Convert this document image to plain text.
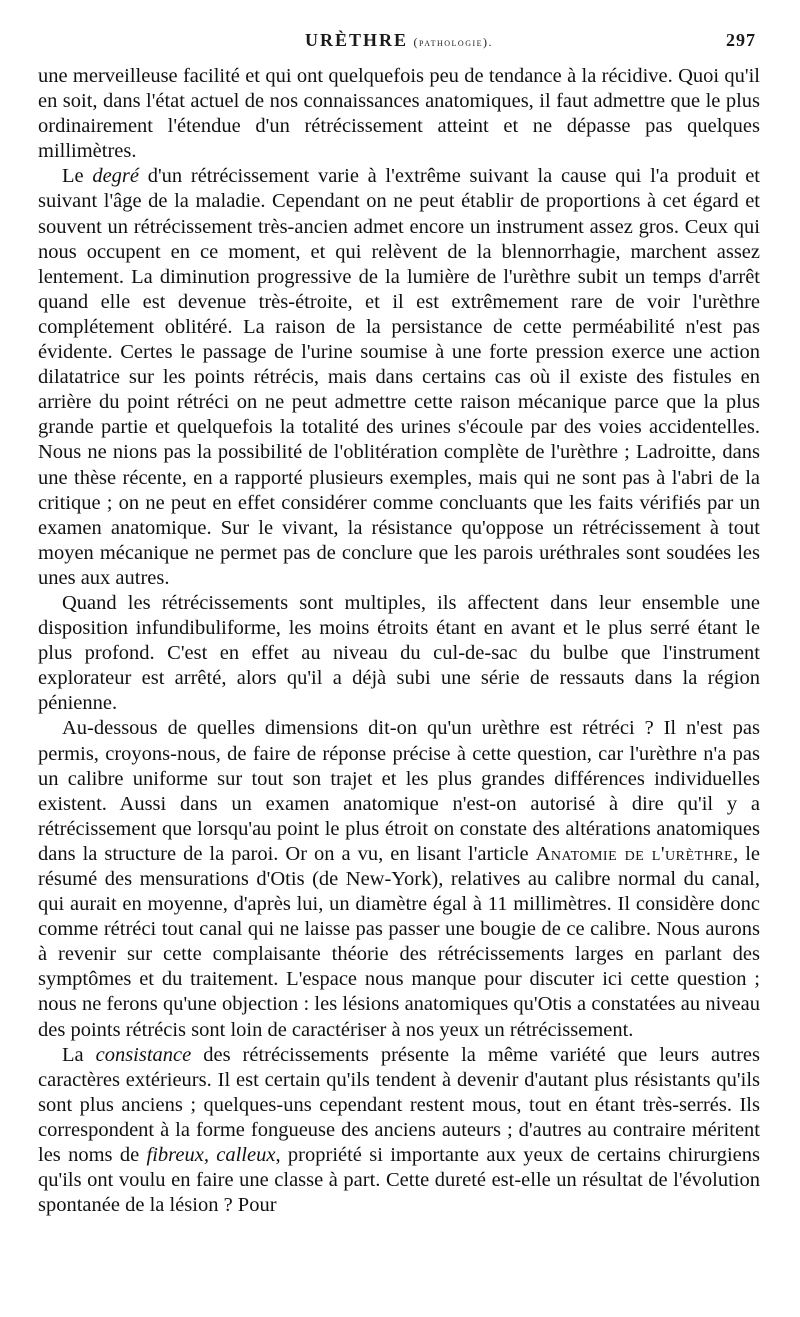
URÈTHRE (pathologie).	297

une merveilleuse facilité et qui ont quelquefois peu de tendance à la récidive. Quoi qu'il en soit, dans l'état actuel de nos connaissances anatomiques, il faut admettre que le plus ordinairement l'étendue d'un rétrécissement atteint et ne dépasse pas quelques millimètres.

Le degré d'un rétrécissement varie à l'extrême suivant la cause qui l'a produit et suivant l'âge de la maladie. Cependant on ne peut établir de proportions à cet égard et souvent un rétrécissement très-ancien admet encore un instrument assez gros. Ceux qui nous occupent en ce moment, et qui relèvent de la blennorrhagie, marchent assez lentement. La diminution progressive de la lumière de l'urèthre subit un temps d'arrêt quand elle est devenue très-étroite, et il est extrêmement rare de voir l'urèthre complétement oblitéré. La raison de la persistance de cette perméabilité n'est pas évidente. Certes le passage de l'urine soumise à une forte pression exerce une action dilatatrice sur les points rétrécis, mais dans certains cas où il existe des fistules en arrière du point rétréci on ne peut admettre cette raison mécanique parce que la plus grande partie et quelquefois la totalité des urines s'écoule par des voies accidentelles. Nous ne nions pas la possibilité de l'oblitération complète de l'urèthre ; Ladroitte, dans une thèse récente, en a rapporté plusieurs exemples, mais qui ne sont pas à l'abri de la critique ; on ne peut en effet considérer comme concluants que les faits vérifiés par un examen anatomique. Sur le vivant, la résistance qu'oppose un rétrécissement à tout moyen mécanique ne permet pas de conclure que les parois uréthrales sont soudées les unes aux autres.

Quand les rétrécissements sont multiples, ils affectent dans leur ensemble une disposition infundibuliforme, les moins étroits étant en avant et le plus serré étant le plus profond. C'est en effet au niveau du cul-de-sac du bulbe que l'instrument explorateur est arrêté, alors qu'il a déjà subi une série de ressauts dans la région pénienne.

Au-dessous de quelles dimensions dit-on qu'un urèthre est rétréci ? Il n'est pas permis, croyons-nous, de faire de réponse précise à cette question, car l'urèthre n'a pas un calibre uniforme sur tout son trajet et les plus grandes différences individuelles existent. Aussi dans un examen anatomique n'est-on autorisé à dire qu'il y a rétrécissement que lorsqu'au point le plus étroit on constate des altérations anatomiques dans la structure de la paroi. Or on a vu, en lisant l'article Anatomie de l'urèthre, le résumé des mensurations d'Otis (de New-York), relatives au calibre normal du canal, qui aurait en moyenne, d'après lui, un diamètre égal à 11 millimètres. Il considère donc comme rétréci tout canal qui ne laisse pas passer une bougie de ce calibre. Nous aurons à revenir sur cette complaisante théorie des rétrécissements larges en parlant des symptômes et du traitement. L'espace nous manque pour discuter ici cette question ; nous ne ferons qu'une objection : les lésions anatomiques qu'Otis a constatées au niveau des points rétrécis sont loin de caractériser à nos yeux un rétrécissement.

La consistance des rétrécissements présente la même variété que leurs autres caractères extérieurs. Il est certain qu'ils tendent à devenir d'autant plus résistants qu'ils sont plus anciens ; quelques-uns cependant restent mous, tout en étant très-serrés. Ils correspondent à la forme fongueuse des anciens auteurs ; d'autres au contraire méritent les noms de fibreux, calleux, propriété si importante aux yeux de certains chirurgiens qu'ils ont voulu en faire une classe à part. Cette dureté est-elle un résultat de l'évolution spontanée de la lésion ? Pour
